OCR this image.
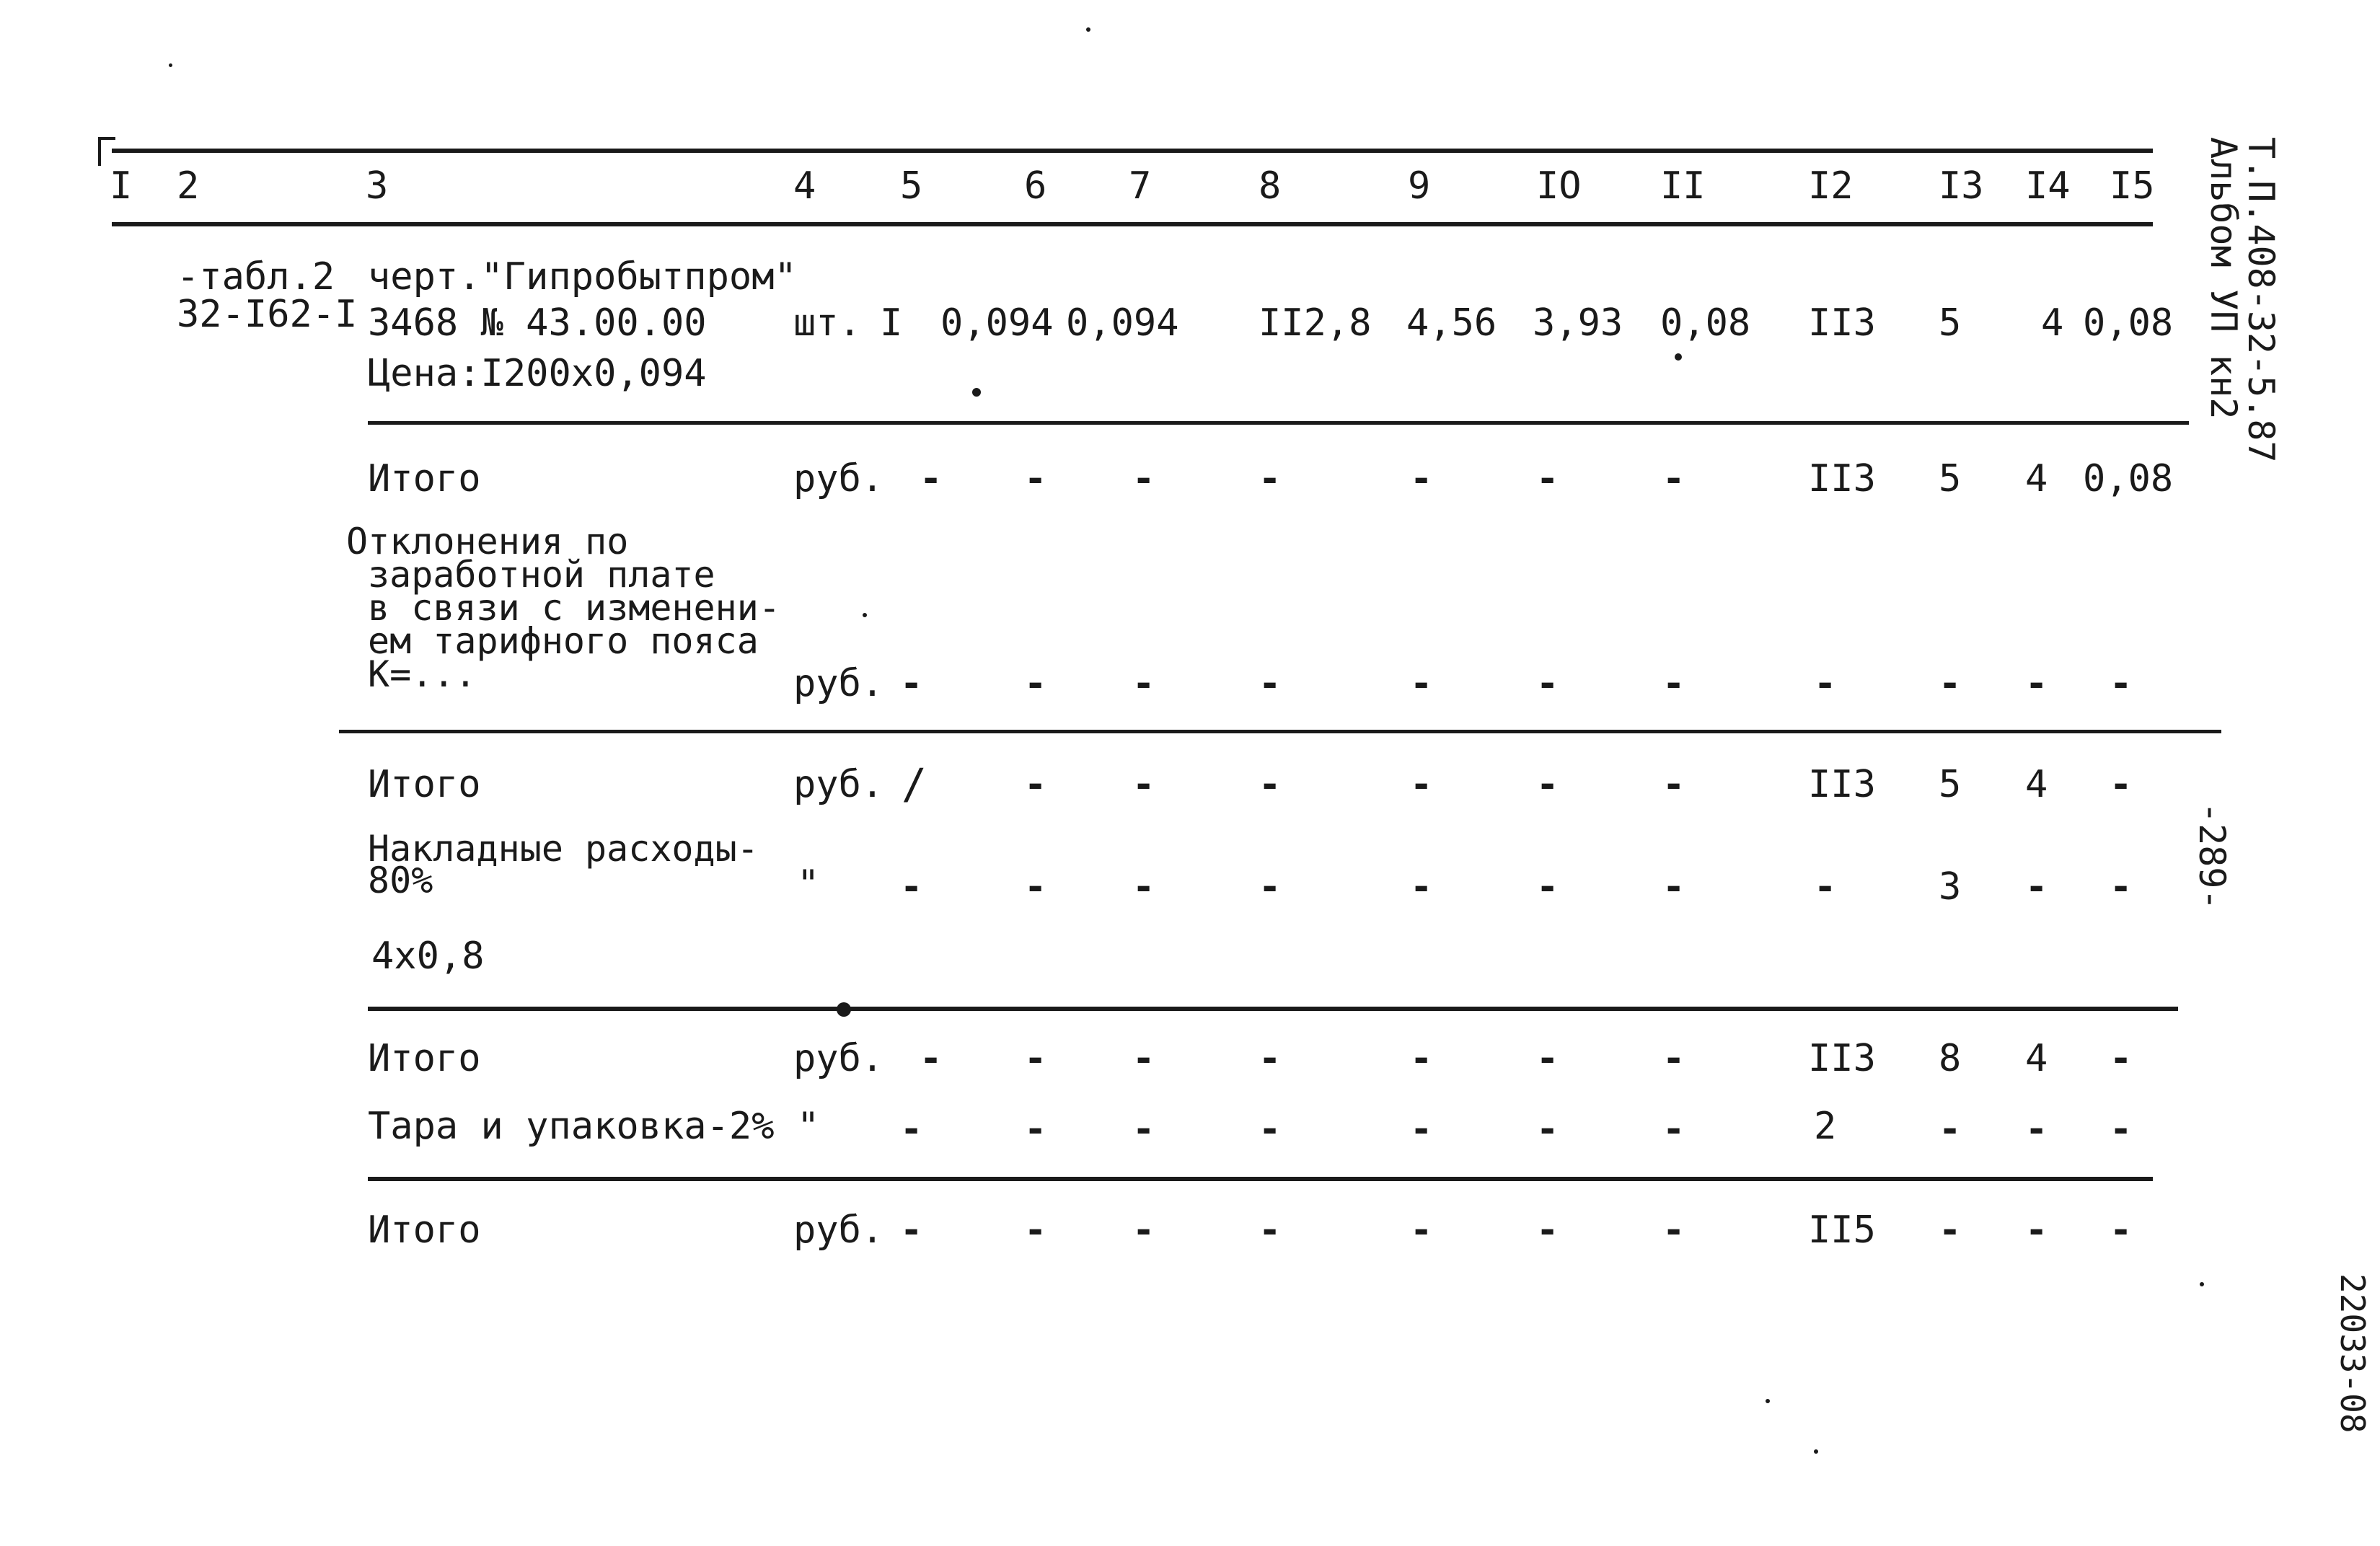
I 2	3	4 5	6 7	8	9	IO II	I2 I3 I4 I5
-табл.2
32-I62-I
черт."Гипробытпром"
3468 № 43.00.00
Цена:I200х0,094
шт. I 0,094 0,094 II2,8 4,56 3,93 0,08 II3 5 4 0,08
Итого	руб. - - -	-	-	-	-	II3 5 4 0,08
Отклонения по
заработной плате
в связи с изменени-
ем тарифного пояса
К=...	руб. -	- -	-	-	-	-	-	- - -
Итого	руб. /	- -	-	-	-	-	II3 5 4 -
Накладные расходы-
80%	" -	- -	-	-	-	-	-	3 - -
4х0,8
Итого	руб. - - -	-	-	-	-	II3 8 4 -
Тара и упаковка-2% " -	- -	-	-	-	-	2	- - -
Итого	руб. -	- -	-	-	-	-	II5 - - -
Т.П.408-32-5.87
Альбом УП кн2
-289-
22033-08
